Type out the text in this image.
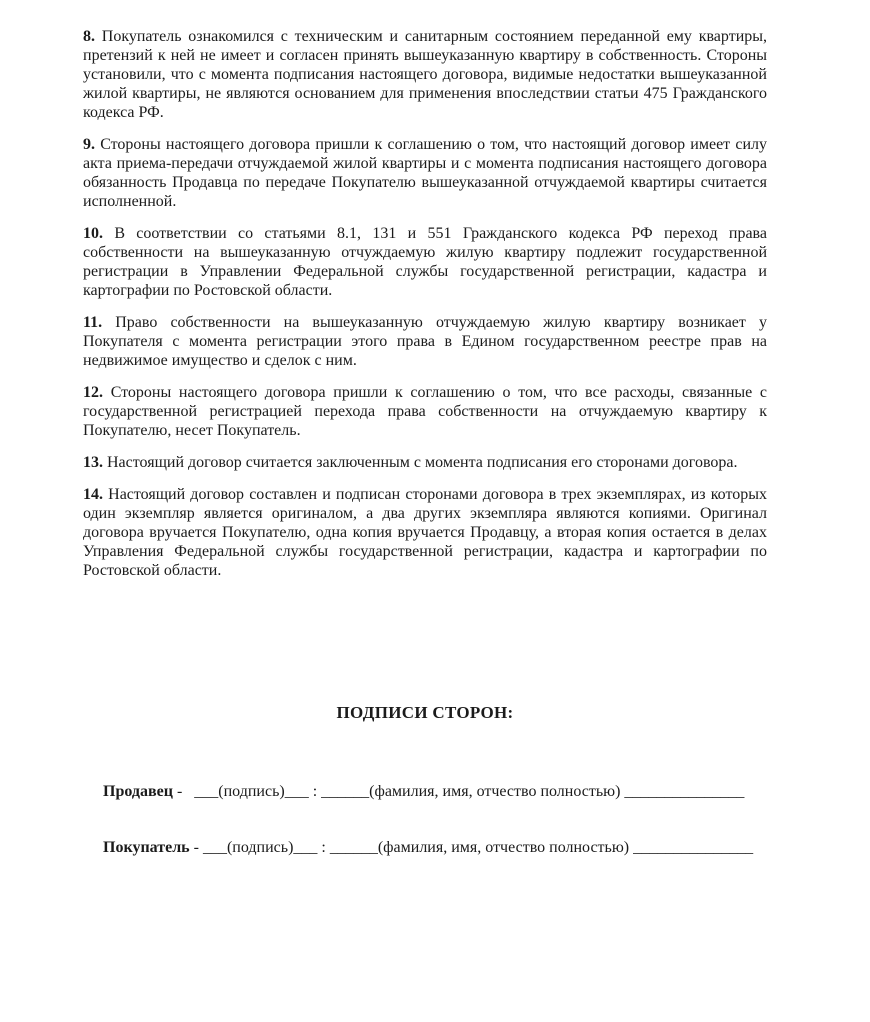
8. Покупатель ознакомился с техническим и санитарным состоянием переданной ему квартиры, претензий к ней не имеет и согласен принять вышеуказанную квартиру в собственность. Стороны установили, что с момента подписания настоящего договора, видимые недостатки вышеуказанной жилой квартиры, не являются основанием для применения впоследствии статьи 475 Гражданского кодекса РФ.

9. Стороны настоящего договора пришли к соглашению о том, что настоящий договор имеет силу акта приема-передачи отчуждаемой жилой квартиры и с момента подписания настоящего договора обязанность Продавца по передаче Покупателю вышеуказанной отчуждаемой квартиры считается исполненной.

10. В соответствии со статьями 8.1, 131 и 551 Гражданского кодекса РФ переход права собственности на вышеуказанную отчуждаемую жилую квартиру подлежит государственной регистрации в Управлении Федеральной службы государственной регистрации, кадастра и картографии по Ростовской области.

11. Право собственности на вышеуказанную отчуждаемую жилую квартиру возникает у Покупателя с момента регистрации этого права в Едином государственном реестре прав на недвижимое имущество и сделок с ним.

12. Стороны настоящего договора пришли к соглашению о том, что все расходы, связанные с государственной регистрацией перехода права собственности на отчуждаемую квартиру к Покупателю, несет Покупатель.

13. Настоящий договор считается заключенным с момента подписания его сторонами договора.

14. Настоящий договор составлен и подписан сторонами договора в трех экземплярах, из которых один экземпляр является оригиналом, а два других экземпляра являются копиями. Оригинал договора вручается Покупателю, одна копия вручается Продавцу, а вторая копия остается в делах Управления Федеральной службы государственной регистрации, кадастра и картографии по Ростовской области.

ПОДПИСИ СТОРОН:
Продавец -   ___(подпись)___ : ______(фамилия, имя, отчество полностью) _______________
Покупатель - ___(подпись)___ : ______(фамилия, имя, отчество полностью) _______________
